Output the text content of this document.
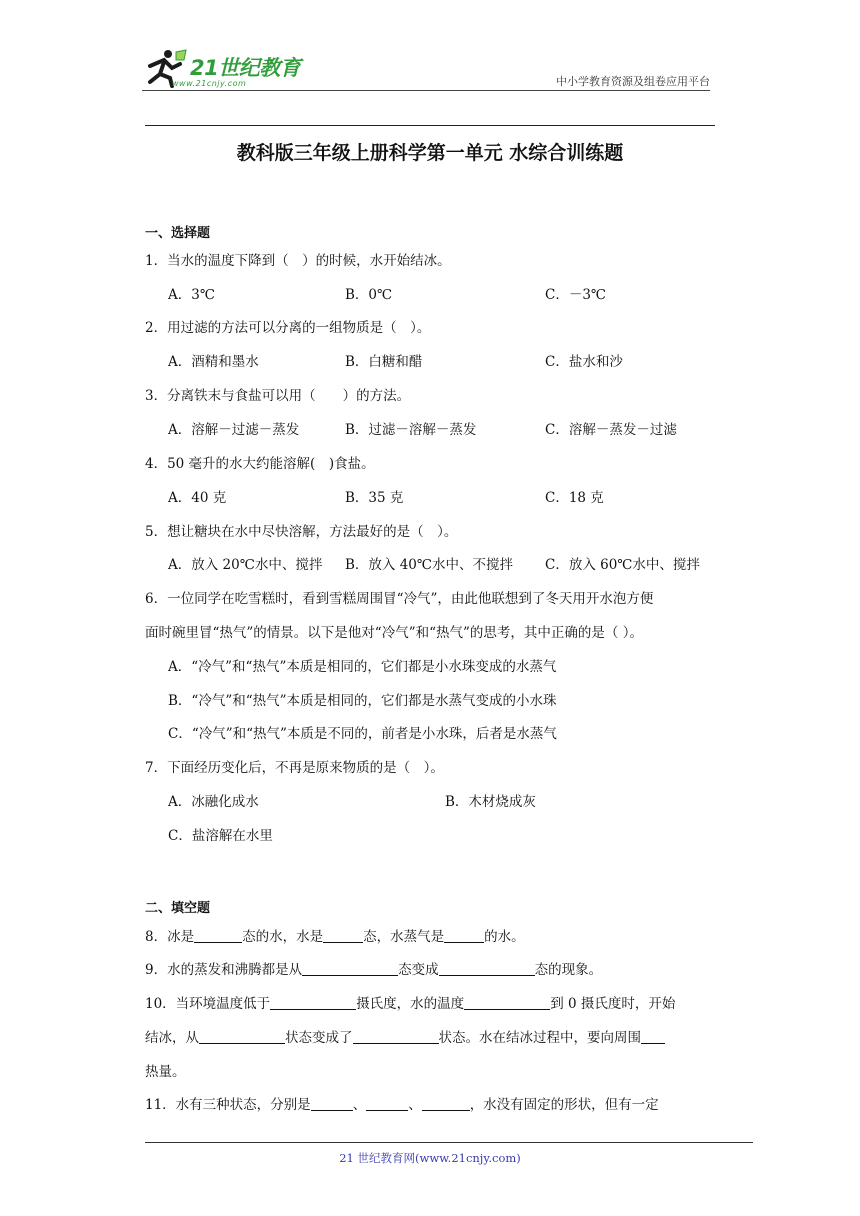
21世纪教育
www.21cnjy.com	中小学教育资源及组卷应用平台
教科版三年级上册科学第一单元 水综合训练题
一、选择题
1．当水的温度下降到（　）的时候，水开始结冰。
A．3℃	B．0℃	C．－3℃
2．用过滤的方法可以分离的一组物质是（　）。
A．酒精和墨水	B．白糖和醋	C．盐水和沙
3．分离铁末与食盐可以用（　　）的方法。
A．溶解－过滤－蒸发	B．过滤－溶解－蒸发	C．溶解－蒸发－过滤
4．50 毫升的水大约能溶解(　)食盐。
A．40 克	B．35 克	C．18 克
5．想让糖块在水中尽快溶解，方法最好的是（　）。
A．放入 20℃水中、搅拌 B．放入 40℃水中、不搅拌 C．放入 60℃水中、搅拌
6．一位同学在吃雪糕时，看到雪糕周围冒“冷气”，由此他联想到了冬天用开水泡方便
面时碗里冒“热气”的情景。以下是他对“冷气”和“热气”的思考，其中正确的是（ ）。
A．“冷气”和“热气”本质是相同的，它们都是小水珠变成的水蒸气
B．“冷气”和“热气”本质是相同的，它们都是水蒸气变成的小水珠
C．“冷气”和“热气”本质是不同的，前者是小水珠，后者是水蒸气
7．下面经历变化后，不再是原来物质的是（　）。
A．冰融化成水	B．木材烧成灰
C．盐溶解在水里
二、填空题
8．冰是	态的水，水是	态，水蒸气是	的水。
9．水的蒸发和沸腾都是从	态变成	态的现象。
10．当环境温度低于	摄氏度，水的温度	到 0 摄氏度时，开始
结冰，从	状态变成了	状态。水在结冰过程中，要向周围
热量。
11．水有三种状态，分别是	、	、	，水没有固定的形状，但有一定
21 世纪教育网(www.21cnjy.com)
